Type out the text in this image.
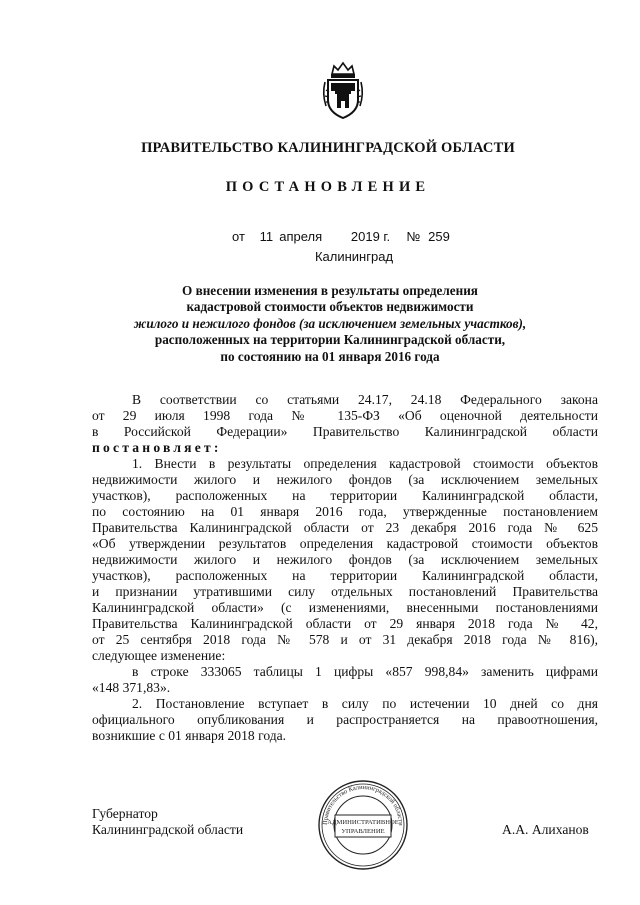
ПРАВИТЕЛЬСТВО КАЛИНИНГРАДСКОЙ ОБЛАСТИ
ПОСТАНОВЛЕНИЕ
от 11 апреля 2019 г. № 259
Калининград
О внесении изменения в результаты определения
кадастровой стоимости объектов недвижимости
жилого и нежилого фондов (за исключением земельных участков),
расположенных на территории Калининградской области,
по состоянию на 01 января 2016 года

В соответствии со статьями 24.17, 24.18 Федерального закона

от 29 июля 1998 года № 135-ФЗ «Об оценочной деятельности

в Российской Федерации» Правительство Калининградской области

постановляет:

1. Внести в результаты определения кадастровой стоимости объектов

недвижимости жилого и нежилого фондов (за исключением земельных

участков), расположенных на территории Калининградской области,

по состоянию на 01 января 2016 года, утвержденные постановлением

Правительства Калининградской области от 23 декабря 2016 года № 625

«Об утверждении результатов определения кадастровой стоимости объектов

недвижимости жилого и нежилого фондов (за исключением земельных

участков), расположенных на территории Калининградской области,

и признании утратившими силу отдельных постановлений Правительства

Калининградской области» (с изменениями, внесенными постановлениями

Правительства Калининградской области от 29 января 2018 года № 42,

от 25 сентября 2018 года № 578 и от 31 декабря 2018 года № 816),

следующее изменение:

в строке 333065 таблицы 1 цифры «857 998,84» заменить цифрами

«148 371,83».

2. Постановление вступает в силу по истечении 10 дней со дня

официального опубликования и распространяется на правоотношения,

возникшие с 01 января 2018 года.

Губернатор
Калининградской области	Правительство Калининградской области
АДМИНИСТРАТИВНОЕ
УПРАВЛЕНИЕ	А.А. Алиханов
